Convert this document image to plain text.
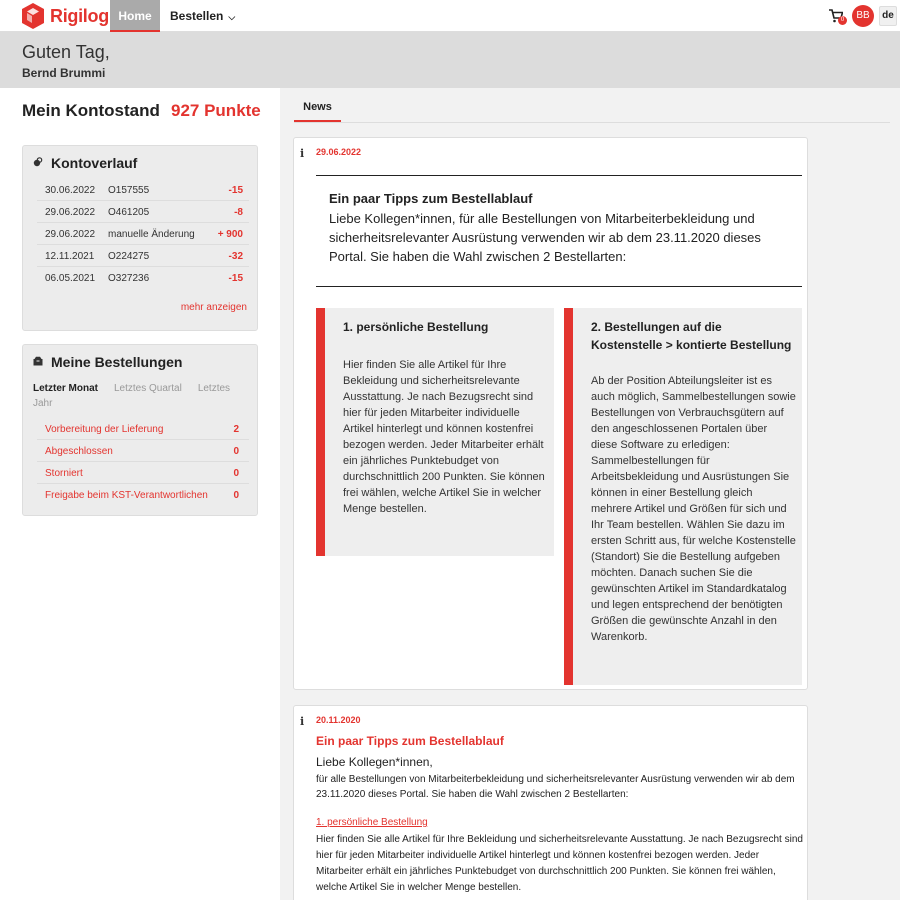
Rigilog Home	Bestellen ⌵	0	BB	de
Guten Tag,
Bernd Brummi
Mein Kontostand 927 Punkte
Kontoverlauf
30.06.2022 O157555	-15
29.06.2022 O461205	-8
29.06.2022 manuelle Änderung + 900
12.11.2021 O224275	-32
06.05.2021 O327236	-15
mehr anzeigen
Meine Bestellungen
Letzter Monat Letztes Quartal Letztes Jahr
Vorbereitung der Lieferung	2
Abgeschlossen	0
Storniert	0
Freigabe beim KST-Verantwortlichen	0
News
i 29.06.2022
Ein paar Tipps zum Bestellablauf
Liebe Kollegen*innen, für alle Bestellungen von Mitarbeiterbekleidung und sicherheitsrelevanter Ausrüstung verwenden wir ab dem 23.11.2020 dieses Portal. Sie haben die Wahl zwischen 2 Bestellarten:
1. persönliche Bestellung

Hier finden Sie alle Artikel für Ihre Bekleidung und sicherheitsrelevante Ausstattung. Je nach Bezugsrecht sind hier für jeden Mitarbeiter individuelle Artikel hinterlegt und können kostenfrei bezogen werden. Jeder Mitarbeiter erhält ein jährliches Punktebudget von durchschnittlich 200 Punkten. Sie können frei wählen, welche Artikel Sie in welcher Menge bestellen.

2. Bestellungen auf die Kostenstelle > kontierte Bestellung

Ab der Position Abteilungsleiter ist es auch möglich, Sammelbestellungen sowie Bestellungen von Verbrauchsgütern auf den angeschlossenen Portalen über diese Software zu erledigen: Sammelbestellungen für Arbeitsbekleidung und Ausrüstungen Sie können in einer Bestellung gleich mehrere Artikel und Größen für sich und Ihr Team bestellen. Wählen Sie dazu im ersten Schritt aus, für welche Kostenstelle (Standort) Sie die Bestellung aufgeben möchten. Danach suchen Sie die gewünschten Artikel im Standardkatalog und legen entsprechend der benötigten Größen die gewünschte Anzahl in den Warenkorb.

i 20.11.2020
Ein paar Tipps zum Bestellablauf
Liebe Kollegen*innen,
für alle Bestellungen von Mitarbeiterbekleidung und sicherheitsrelevanter Ausrüstung verwenden wir ab dem 23.11.2020 dieses Portal. Sie haben die Wahl zwischen 2 Bestellarten:
1. persönliche Bestellung
Hier finden Sie alle Artikel für Ihre Bekleidung und sicherheitsrelevante Ausstattung. Je nach Bezugsrecht sind hier für jeden Mitarbeiter individuelle Artikel hinterlegt und können kostenfrei bezogen werden. Jeder Mitarbeiter erhält ein jährliches Punktebudget von durchschnittlich 200 Punkten. Sie können frei wählen, welche Artikel Sie in welcher Menge bestellen.
